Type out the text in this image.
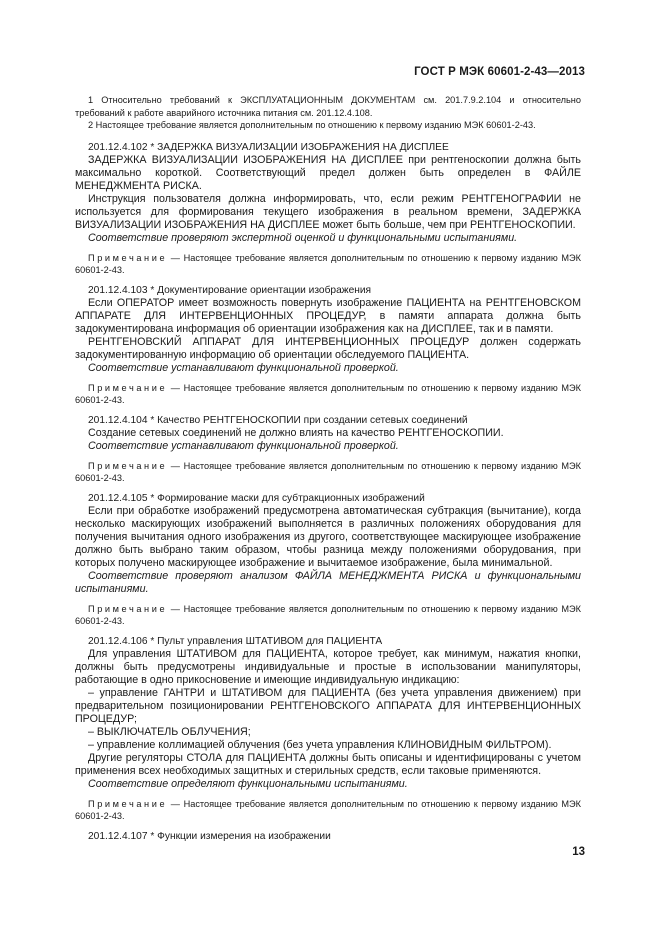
ГОСТ Р МЭК 60601-2-43—2013

1 Относительно требований к ЭКСПЛУАТАЦИОННЫМ ДОКУМЕНТАМ см. 201.7.9.2.104 и относительно требований к работе аварийного источника питания см. 201.12.4.108.

2 Настоящее требование является дополнительным по отношению к первому изданию МЭК 60601-2-43.

201.12.4.102 * ЗАДЕРЖКА ВИЗУАЛИЗАЦИИ ИЗОБРАЖЕНИЯ НА ДИСПЛЕЕ

ЗАДЕРЖКА ВИЗУАЛИЗАЦИИ ИЗОБРАЖЕНИЯ НА ДИСПЛЕЕ при рентгеноскопии должна быть максимально короткой. Соответствующий предел должен быть определен в ФАЙЛЕ МЕНЕДЖМЕНТА РИСКА.

Инструкция пользователя должна информировать, что, если режим РЕНТГЕНОГРАФИИ не используется для формирования текущего изображения в реальном времени, ЗАДЕРЖКА ВИЗУАЛИЗАЦИИ ИЗОБРАЖЕНИЯ НА ДИСПЛЕЕ может быть больше, чем при РЕНТГЕНОСКОПИИ.

Соответствие проверяют экспертной оценкой и функциональными испытаниями.

Примечание — Настоящее требование является дополнительным по отношению к первому изданию МЭК 60601-2-43.

201.12.4.103 * Документирование ориентации изображения

Если ОПЕРАТОР имеет возможность повернуть изображение ПАЦИЕНТА на РЕНТГЕНОВСКОМ АППАРАТЕ ДЛЯ ИНТЕРВЕНЦИОННЫХ ПРОЦЕДУР, в памяти аппарата должна быть задокументирована информация об ориентации изображения как на ДИСПЛЕЕ, так и в памяти.

РЕНТГЕНОВСКИЙ АППАРАТ ДЛЯ ИНТЕРВЕНЦИОННЫХ ПРОЦЕДУР должен содержать задокументированную информацию об ориентации обследуемого ПАЦИЕНТА.

Соответствие устанавливают функциональной проверкой.

Примечание — Настоящее требование является дополнительным по отношению к первому изданию МЭК 60601-2-43.

201.12.4.104 * Качество РЕНТГЕНОСКОПИИ при создании сетевых соединений

Создание сетевых соединений не должно влиять на качество РЕНТГЕНОСКОПИИ.

Соответствие устанавливают функциональной проверкой.

Примечание — Настоящее требование является дополнительным по отношению к первому изданию МЭК 60601-2-43.

201.12.4.105 * Формирование маски для субтракционных изображений

Если при обработке изображений предусмотрена автоматическая субтракция (вычитание), когда несколько маскирующих изображений выполняется в различных положениях оборудования для получения вычитания одного изображения из другого, соответствующее маскирующее изображение должно быть выбрано таким образом, чтобы разница между положениями оборудования, при которых получено маскирующее изображение и вычитаемое изображение, была минимальной.

Соответствие проверяют анализом ФАЙЛА МЕНЕДЖМЕНТА РИСКА и функциональными испытаниями.

Примечание — Настоящее требование является дополнительным по отношению к первому изданию МЭК 60601-2-43.

201.12.4.106 * Пульт управления ШТАТИВОМ для ПАЦИЕНТА

Для управления ШТАТИВОМ для ПАЦИЕНТА, которое требует, как минимум, нажатия кнопки, должны быть предусмотрены индивидуальные и простые в использовании манипуляторы, работающие в одно прикосновение и имеющие индивидуальную индикацию:

– управление ГАНТРИ и ШТАТИВОМ для ПАЦИЕНТА (без учета управления движением) при предварительном позиционировании РЕНТГЕНОВСКОГО АППАРАТА ДЛЯ ИНТЕРВЕНЦИОННЫХ ПРОЦЕДУР;

– ВЫКЛЮЧАТЕЛЬ ОБЛУЧЕНИЯ;

– управление коллимацией облучения (без учета управления КЛИНОВИДНЫМ ФИЛЬТРОМ).

Другие регуляторы СТОЛА для ПАЦИЕНТА должны быть описаны и идентифицированы с учетом применения всех необходимых защитных и стерильных средств, если таковые применяются.

Соответствие определяют функциональными испытаниями.

Примечание — Настоящее требование является дополнительным по отношению к первому изданию МЭК 60601-2-43.

201.12.4.107 * Функции измерения на изображении

13
